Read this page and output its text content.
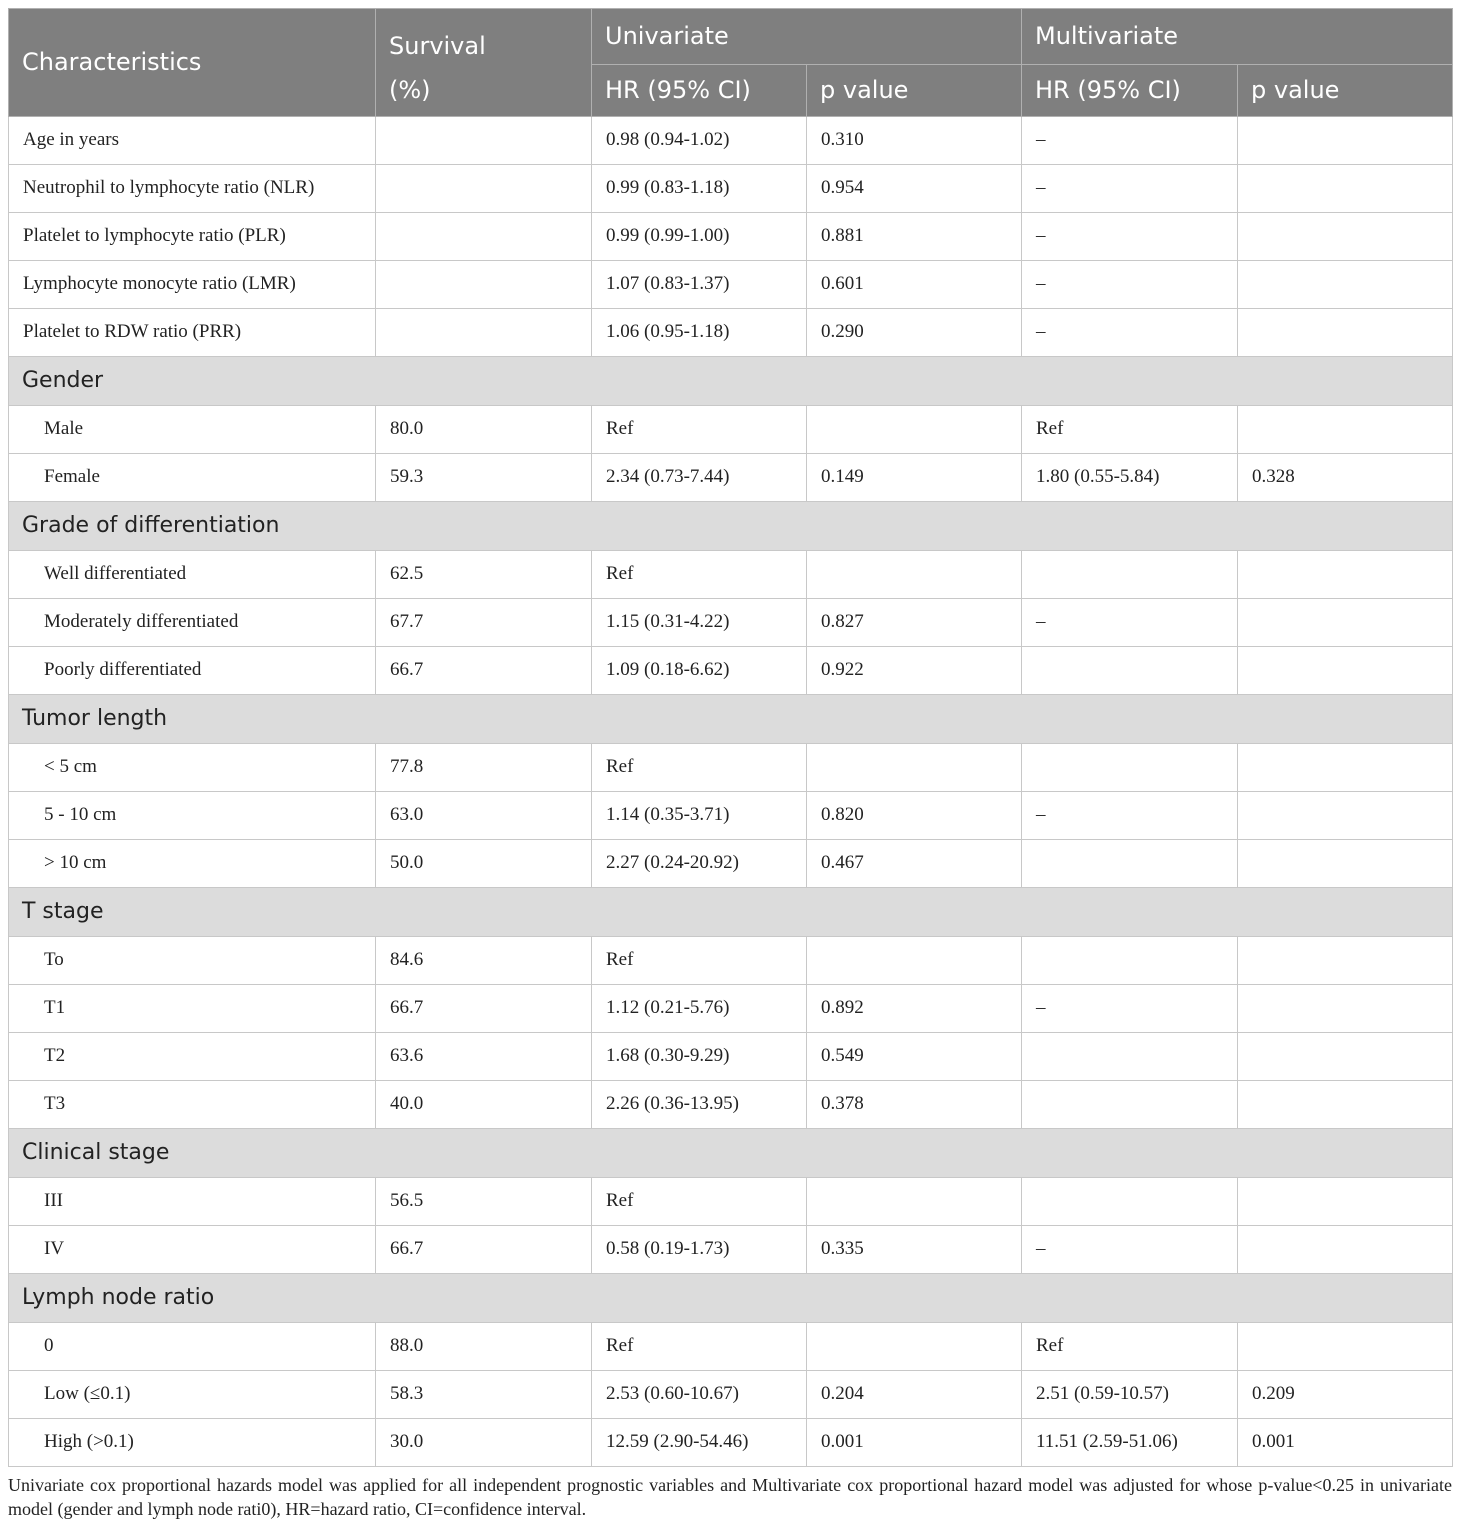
Characteristics	Survival	Univariate		Multivariate	
	(%)	HR (95% CI)	p value	HR (95% CI)	p value
Age in years		0.98 (0.94-1.02)	0.310	–	
Neutrophil to lymphocyte ratio (NLR)		0.99 (0.83-1.18)	0.954	–	
Platelet to lymphocyte ratio (PLR)		0.99 (0.99-1.00)	0.881	–	
Lymphocyte monocyte ratio (LMR)		1.07 (0.83-1.37)	0.601	–	
Platelet to RDW ratio (PRR)		1.06 (0.95-1.18)	0.290	–	
Gender					
Male	80.0	Ref		Ref	
Female	59.3	2.34 (0.73-7.44)	0.149	1.80 (0.55-5.84)	0.328
Grade of differentiation					
Well differentiated	62.5	Ref			
Moderately differentiated	67.7	1.15 (0.31-4.22)	0.827	–	
Poorly differentiated	66.7	1.09 (0.18-6.62)	0.922		
Tumor length					
< 5 cm	77.8	Ref			
5 - 10 cm	63.0	1.14 (0.35-3.71)	0.820	–	
> 10 cm	50.0	2.27 (0.24-20.92)	0.467		
T stage					
To	84.6	Ref			
T1	66.7	1.12 (0.21-5.76)	0.892	–	
T2	63.6	1.68 (0.30-9.29)	0.549		
T3	40.0	2.26 (0.36-13.95)	0.378		
Clinical stage					
III	56.5	Ref			
IV	66.7	0.58 (0.19-1.73)	0.335	–	
Lymph node ratio					
0	88.0	Ref		Ref	
Low (≤0.1)	58.3	2.53 (0.60-10.67)	0.204	2.51 (0.59-10.57)	0.209
High (>0.1)	30.0	12.59 (2.90-54.46)	0.001	11.51 (2.59-51.06)	0.001
Univariate cox proportional hazards model was applied for all independent prognostic variables and Multivariate cox proportional hazard model was adjusted for whose p-value<0.25 in univariate model (gender and lymph node rati0), HR=hazard ratio, CI=confidence interval.
